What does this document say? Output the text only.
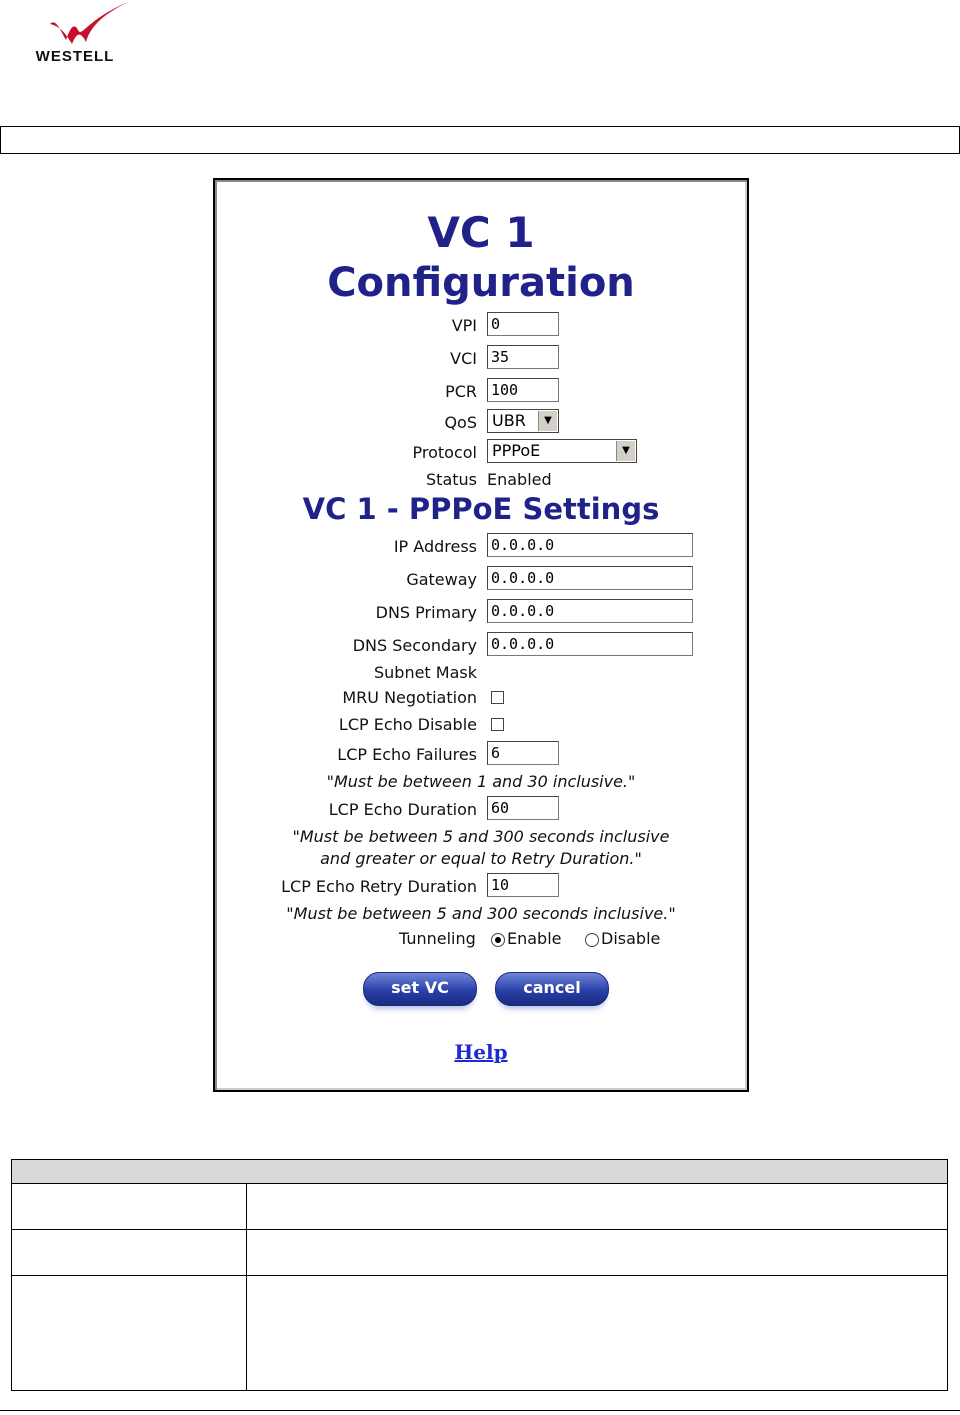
WESTELL
VC 1
Configuration
VPI 0
VCI 35
PCR 100
QoS UBR	▼
Protocol PPPoE	▼
Status Enabled
VC 1 - PPPoE Settings
IP Address 0.0.0.0
Gateway 0.0.0.0
DNS Primary 0.0.0.0
DNS Secondary 0.0.0.0
Subnet Mask
MRU Negotiation
LCP Echo Disable
LCP Echo Failures 6
"Must be between 1 and 30 inclusive."
LCP Echo Duration 60
"Must be between 5 and 300 seconds inclusive
and greater or equal to Retry Duration."
LCP Echo Retry Duration 10
"Must be between 5 and 300 seconds inclusive."
Tunneling	Enable	Disable
set VC	cancel
Help
